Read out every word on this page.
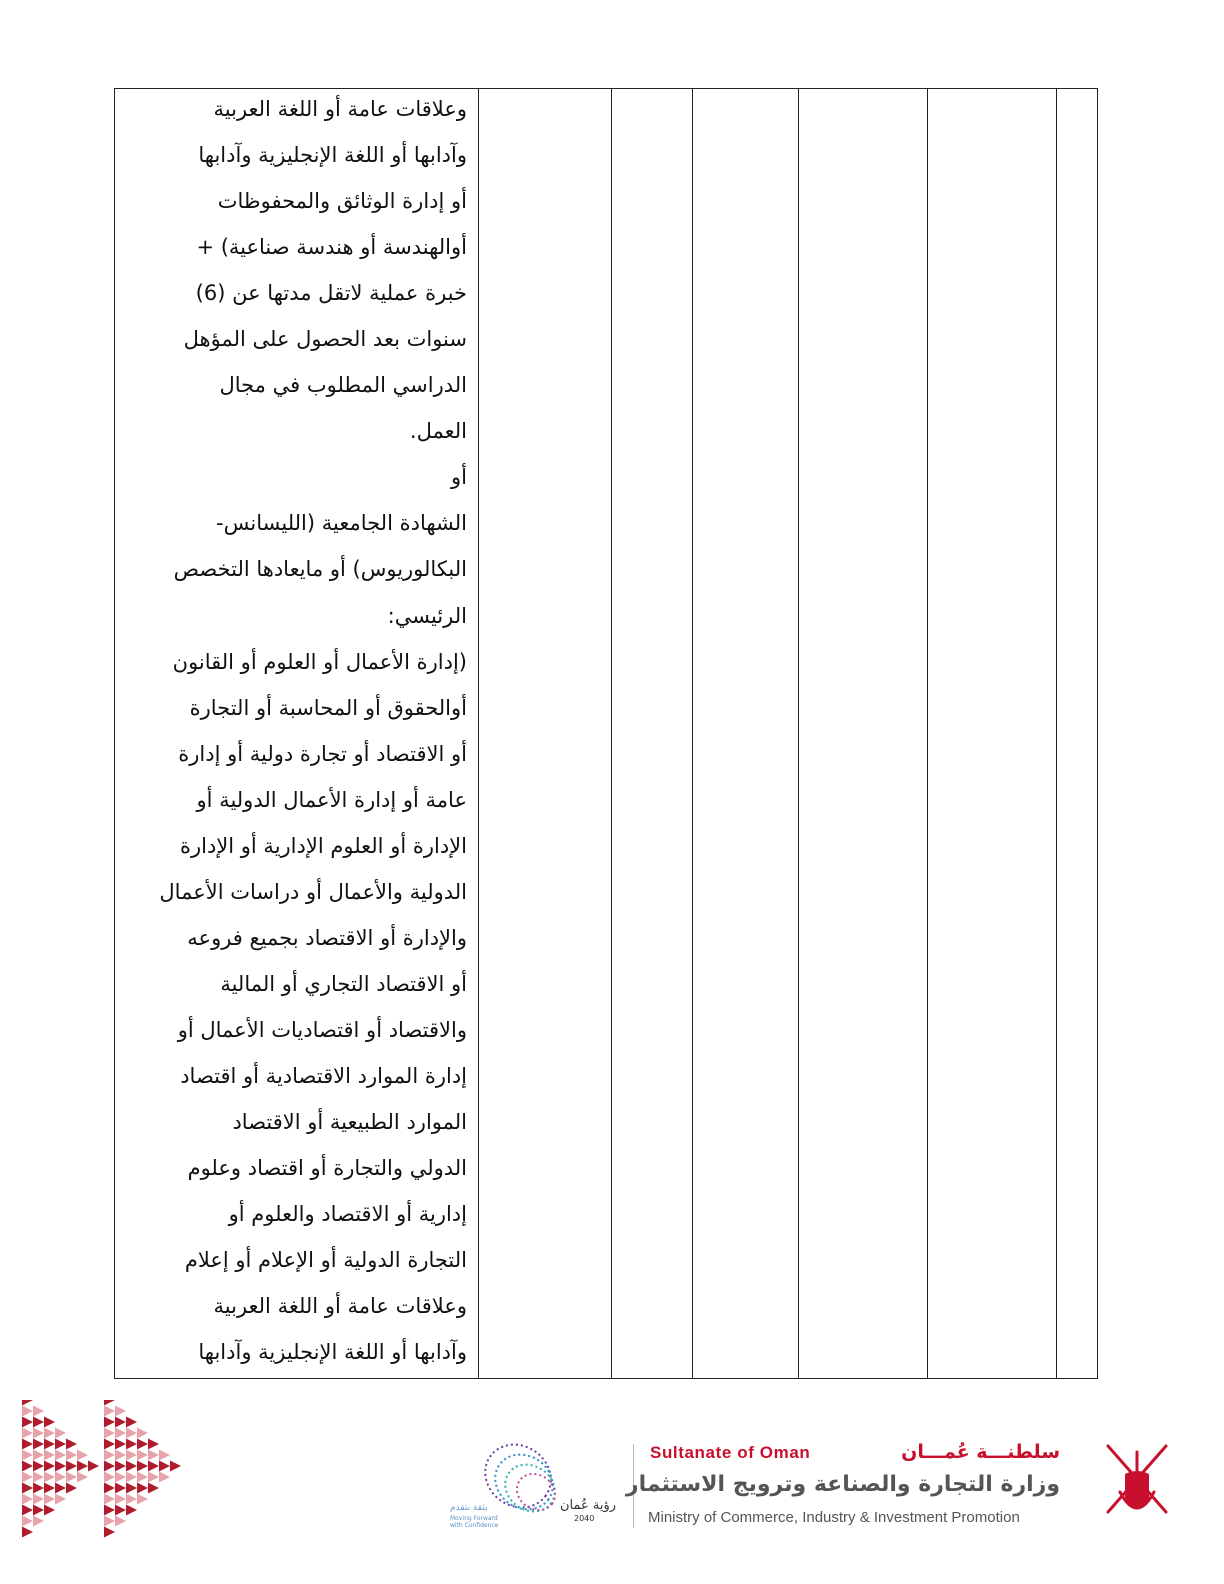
وعلاقات عامة أو اللغة العربية
وآدابها أو اللغة الإنجليزية وآدابها
أو إدارة الوثائق والمحفوظات
أوالهندسة أو هندسة صناعية) +
خبرة عملية لاتقل مدتها عن (6)
سنوات بعد الحصول على المؤهل
الدراسي المطلوب في مجال
العمل.
أو
الشهادة الجامعية (الليسانس-
البكالوريوس) أو مايعادها التخصص
الرئيسي:
(إدارة الأعمال أو العلوم أو القانون
أوالحقوق أو المحاسبة أو التجارة
أو الاقتصاد أو تجارة دولية أو إدارة
عامة أو إدارة الأعمال الدولية أو
الإدارة أو العلوم الإدارية أو الإدارة
الدولية والأعمال أو دراسات الأعمال
والإدارة أو الاقتصاد بجميع فروعه
أو الاقتصاد التجاري أو المالية
والاقتصاد أو اقتصاديات الأعمال أو
إدارة الموارد الاقتصادية أو اقتصاد
الموارد الطبيعية أو الاقتصاد
الدولي والتجارة أو اقتصاد وعلوم
إدارية أو الاقتصاد والعلوم أو
التجارة الدولية أو الإعلام أو إعلام
وعلاقات عامة أو اللغة العربية
وآدابها أو اللغة الإنجليزية وآدابها

رؤية عُمان
2040
بثقة نتقدم
Moving Forward with Confidence
Sultanate of Oman	سلطنـــة عُمـــان
وزارة التجارة والصناعة وترويج الاستثمار
Ministry of Commerce, Industry & Investment Promotion
